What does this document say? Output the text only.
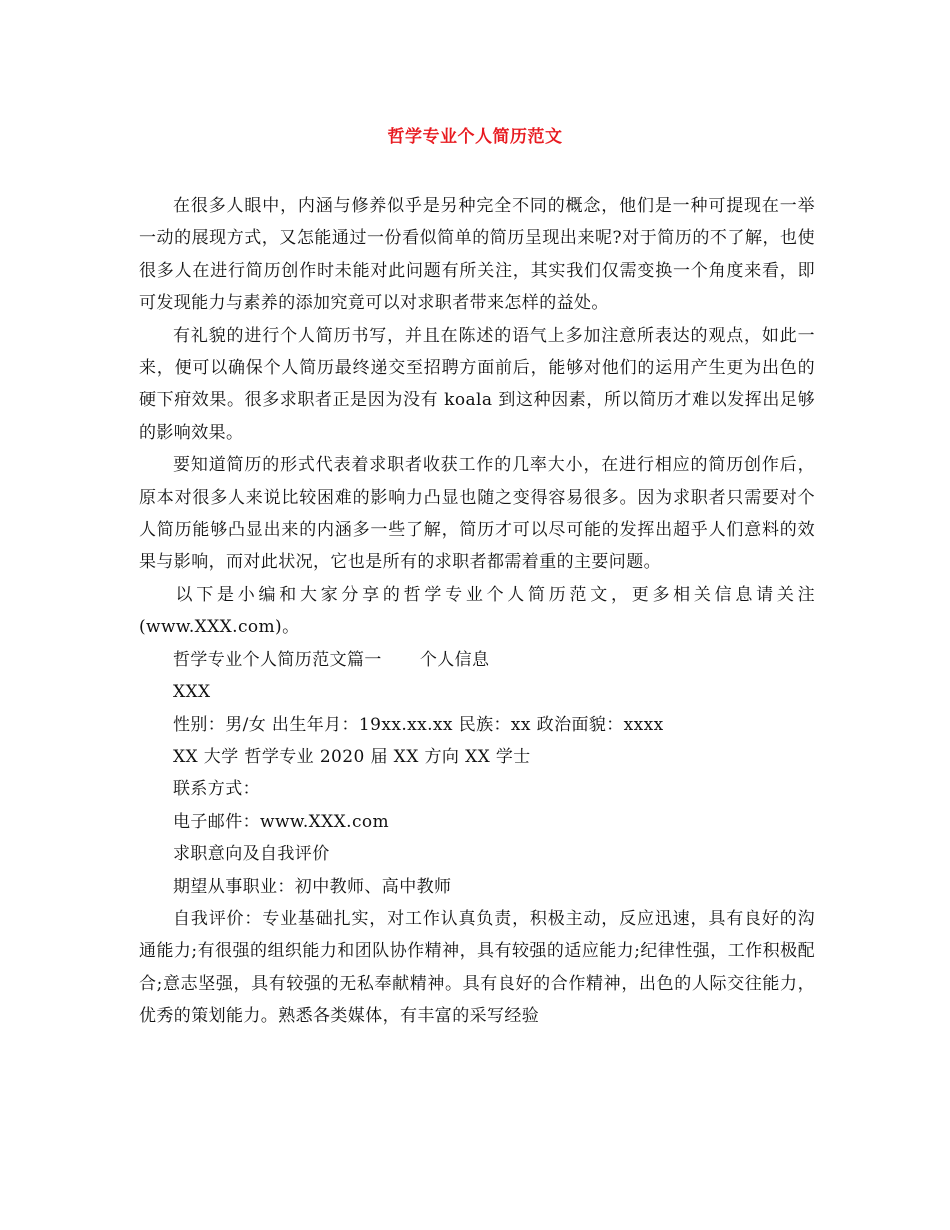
哲学专业个人简历范文

在很多人眼中，内涵与修养似乎是另种完全不同的概念，他们是一种可提现在一举一动的展现方式，又怎能通过一份看似简单的简历呈现出来呢?对于简历的不了解，也使很多人在进行简历创作时未能对此问题有所关注，其实我们仅需变换一个角度来看，即可发现能力与素养的添加究竟可以对求职者带来怎样的益处。

有礼貌的进行个人简历书写，并且在陈述的语气上多加注意所表达的观点，如此一来，便可以确保个人简历最终递交至招聘方面前后，能够对他们的运用产生更为出色的硬下疳效果。很多求职者正是因为没有 koala 到这种因素，所以简历才难以发挥出足够的影响效果。

要知道简历的形式代表着求职者收获工作的几率大小，在进行相应的简历创作后，原本对很多人来说比较困难的影响力凸显也随之变得容易很多。因为求职者只需要对个人简历能够凸显出来的内涵多一些了解，简历才可以尽可能的发挥出超乎人们意料的效果与影响，而对此状况，它也是所有的求职者都需着重的主要问题。

以下是小编和大家分享的哲学专业个人简历范文，更多相关信息请关注(www.XXX.com)。

哲学专业个人简历范文篇一 个人信息

XXX

性别：男/女 出生年月：19xx.xx.xx 民族：xx 政治面貌：xxxx

XX 大学 哲学专业 2020 届 XX 方向 XX 学士

联系方式：

电子邮件：www.XXX.com

求职意向及自我评价

期望从事职业：初中教师、高中教师

自我评价：专业基础扎实，对工作认真负责，积极主动，反应迅速，具有良好的沟通能力;有很强的组织能力和团队协作精神，具有较强的适应能力;纪律性强，工作积极配合;意志坚强，具有较强的无私奉献精神。具有良好的合作精神，出色的人际交往能力，优秀的策划能力。熟悉各类媒体，有丰富的采写经验
